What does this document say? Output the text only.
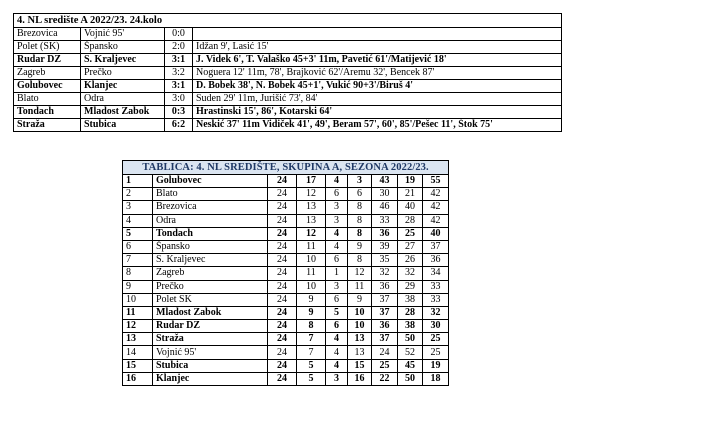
4. NL središte A 2022/23. 24.kolo			
Brezovica	Vojnić 95'	0:0	
Polet (SK)	Špansko	2:0	Idžan 9', Lasić 15'
Rudar DZ	S. Kraljevec	3:1	J. Videk 6', T. Valaško 45+3' 11m, Pavetić 61'/Matijević 18'
Zagreb	Prečko	3:2	Noguera 12' 11m, 78', Brajković 62'/Aremu 32', Bencek 87'
Golubovec	Klanjec	3:1	D. Bobek 38', N. Bobek 45+1', Vukić 90+3'/Biruš 4'
Blato	Odra	3:0	Suden 29' 11m, Jurišić 73', 84'
Tondach	Mladost Zabok	0:3	Hrastinski 15', 86', Kotarski 64'
Straža	Stubica	6:2	Neskić 37' 11m Vidiček 41', 49', Beram 57', 60', 85'/Pešec 11', Štok 75'
TABLICA: 4. NL SREDIŠTE, SKUPINA A, SEZONA 2022/23.								
1	Golubovec	24	17	4	3	43	19	55
2	Blato	24	12	6	6	30	21	42
3	Brezovica	24	13	3	8	46	40	42
4	Odra	24	13	3	8	33	28	42
5	Tondach	24	12	4	8	36	25	40
6	Špansko	24	11	4	9	39	27	37
7	S. Kraljevec	24	10	6	8	35	26	36
8	Zagreb	24	11	1	12	32	32	34
9	Prečko	24	10	3	11	36	29	33
10	Polet SK	24	9	6	9	37	38	33
11	Mladost Zabok	24	9	5	10	37	28	32
12	Rudar DZ	24	8	6	10	36	38	30
13	Straža	24	7	4	13	37	50	25
14	Vojnić 95'	24	7	4	13	24	52	25
15	Stubica	24	5	4	15	25	45	19
16	Klanjec	24	5	3	16	22	50	18
